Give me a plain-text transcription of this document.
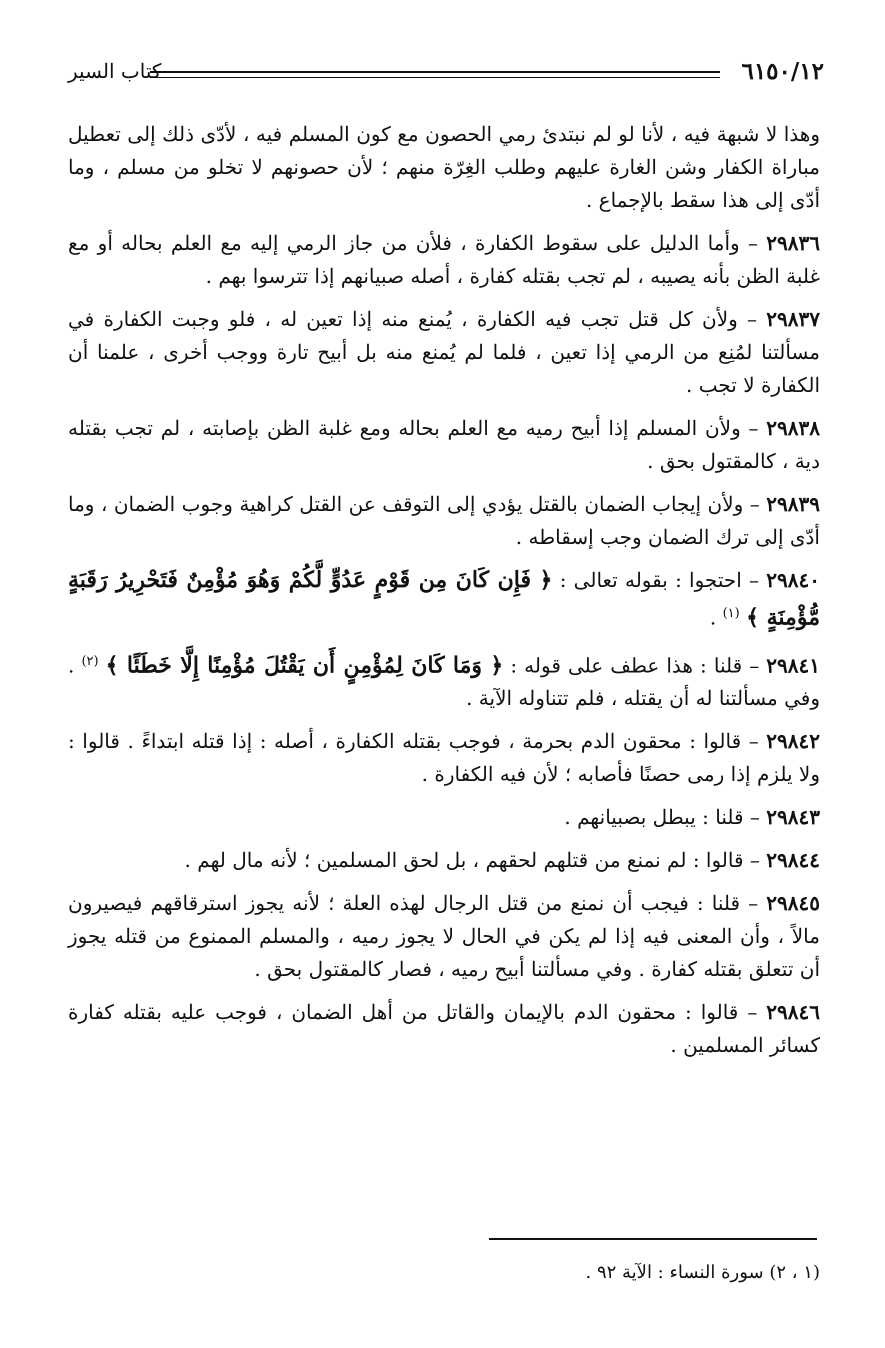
٦١٥٠/١٢
كتاب السير

وهذا لا شبهة فيه ، لأنا لو لم نبتدئ رمي الحصون مع كون المسلم فيه ، لأدّى ذلك إلى تعطيل مباراة الكفار وشن الغارة عليهم وطلب الغِرّة منهم ؛ لأن حصونهم لا تخلو من مسلم ، وما أدّى إلى هذا سقط بالإجماع .

٢٩٨٣٦ – وأما الدليل على سقوط الكفارة ، فلأن من جاز الرمي إليه مع العلم بحاله أو مع غلبة الظن بأنه يصيبه ، لم تجب بقتله كفارة ، أصله صبيانهم إذا تترسوا بهم .

٢٩٨٣٧ – ولأن كل قتل تجب فيه الكفارة ، يُمنع منه إذا تعين له ، فلو وجبت الكفارة في مسألتنا لمُنِع من الرمي إذا تعين ، فلما لم يُمنع منه بل أبيح تارة ووجب أخرى ، علمنا أن الكفارة لا تجب .

٢٩٨٣٨ – ولأن المسلم إذا أبيح رميه مع العلم بحاله ومع غلبة الظن بإصابته ، لم تجب بقتله دية ، كالمقتول بحق .

٢٩٨٣٩ – ولأن إيجاب الضمان بالقتل يؤدي إلى التوقف عن القتل كراهية وجوب الضمان ، وما أدّى إلى ترك الضمان وجب إسقاطه .

٢٩٨٤٠ – احتجوا : بقوله تعالى : ﴿ فَإِن كَانَ مِن قَوْمٍ عَدُوٍّ لَّكُمْ وَهُوَ مُؤْمِنٌ فَتَحْرِيرُ رَقَبَةٍ مُّؤْمِنَةٍ ﴾ $^{(١)}$ .

٢٩٨٤١ – قلنا : هذا عطف على قوله : ﴿ وَمَا كَانَ لِمُؤْمِنٍ أَن يَقْتُلَ مُؤْمِنًا إِلَّا خَطَئًا ﴾ $^{(٢)}$ . وفي مسألتنا له أن يقتله ، فلم تتناوله الآية .

٢٩٨٤٢ – قالوا : محقون الدم بحرمة ، فوجب بقتله الكفارة ، أصله : إذا قتله ابتداءً . قالوا : ولا يلزم إذا رمى حصنًا فأصابه ؛ لأن فيه الكفارة .

٢٩٨٤٣ – قلنا : يبطل بصبيانهم .

٢٩٨٤٤ – قالوا : لم نمنع من قتلهم لحقهم ، بل لحق المسلمين ؛ لأنه مال لهم .

٢٩٨٤٥ – قلنا : فيجب أن نمنع من قتل الرجال لهذه العلة ؛ لأنه يجوز استرقاقهم فيصيرون مالاً ، وأن المعنى فيه إذا لم يكن في الحال لا يجوز رميه ، والمسلم الممنوع من قتله يجوز أن تتعلق بقتله كفارة . وفي مسألتنا أبيح رميه ، فصار كالمقتول بحق .

٢٩٨٤٦ – قالوا : محقون الدم بالإيمان والقاتل من أهل الضمان ، فوجب عليه بقتله كفارة كسائر المسلمين .

(١ ، ٢) سورة النساء : الآية ٩٢ .
